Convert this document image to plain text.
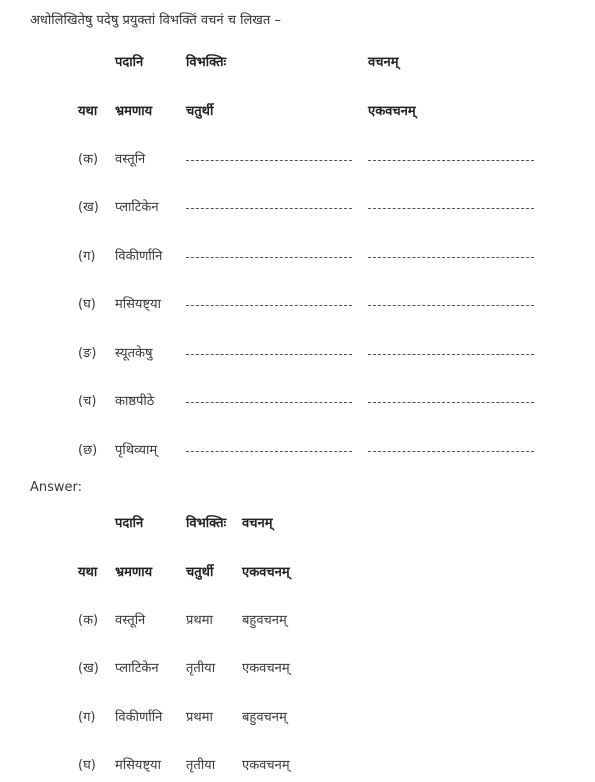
अधोलिखितेषु पदेषु प्रयुक्तां विभक्तिं वचनं च लिखत –
पदानि	विभक्तिः	वचनम्
यथा भ्रमणाय	चतुर्थी	एकवचनम्
(क) वस्तूनि
(ख) प्लाटिकेन
(ग) विकीर्णानि
(घ) मसियष्ट्या
(ङ) स्यूतकेषु
(च) काष्ठपीठे
(छ) पृथिव्याम्
Answer:
पदानि	विभक्तिः वचनम्
यथा भ्रमणाय	चतुर्थी एकवचनम्
(क) वस्तूनि	प्रथमा बहुवचनम्
(ख) प्लाटिकेन तृतीया एकवचनम्
(ग) विकीर्णानि प्रथमा बहुवचनम्
(घ) मसियष्ट्या तृतीया एकवचनम्
